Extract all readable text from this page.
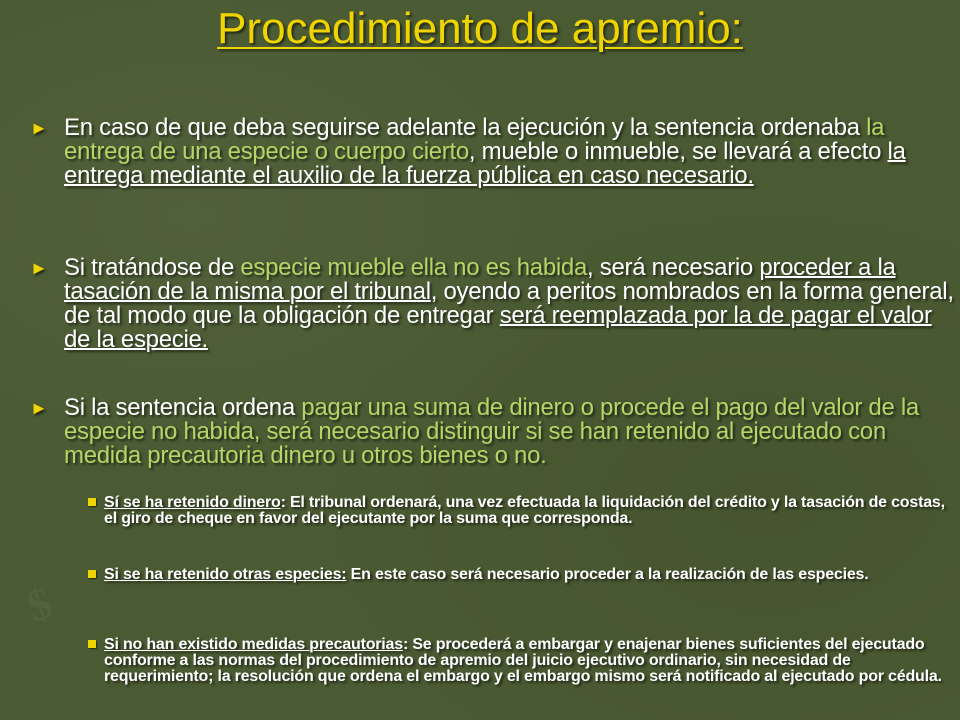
$
Procedimiento de apremio:
► En caso de que deba seguirse adelante la ejecución y la sentencia ordenaba la entrega de una especie o cuerpo cierto, mueble o inmueble, se llevará a efecto la entrega mediante el auxilio de la fuerza pública en caso necesario.
► Si tratándose de especie mueble ella no es habida, será necesario proceder a la tasación de la misma por el tribunal, oyendo a peritos nombrados en la forma general, de tal modo que la obligación de entregar será reemplazada por la de pagar el valor de la especie.
► Si la sentencia ordena pagar una suma de dinero o procede el pago del valor de la especie no habida, será necesario distinguir si se han retenido al ejecutado con medida precautoria dinero u otros bienes o no.
Sí se ha retenido dinero: El tribunal ordenará, una vez efectuada la liquidación del crédito y la tasación de costas, el giro de cheque en favor del ejecutante por la suma que corresponda.
Si se ha retenido otras especies: En este caso será necesario proceder a la realización de las especies.
Si no han existido medidas precautorias: Se procederá a embargar y enajenar bienes suficientes del ejecutado conforme a las normas del procedimiento de apremio del juicio ejecutivo ordinario, sin necesidad de requerimiento; la resolución que ordena el embargo y el embargo mismo será notificado al ejecutado por cédula.
